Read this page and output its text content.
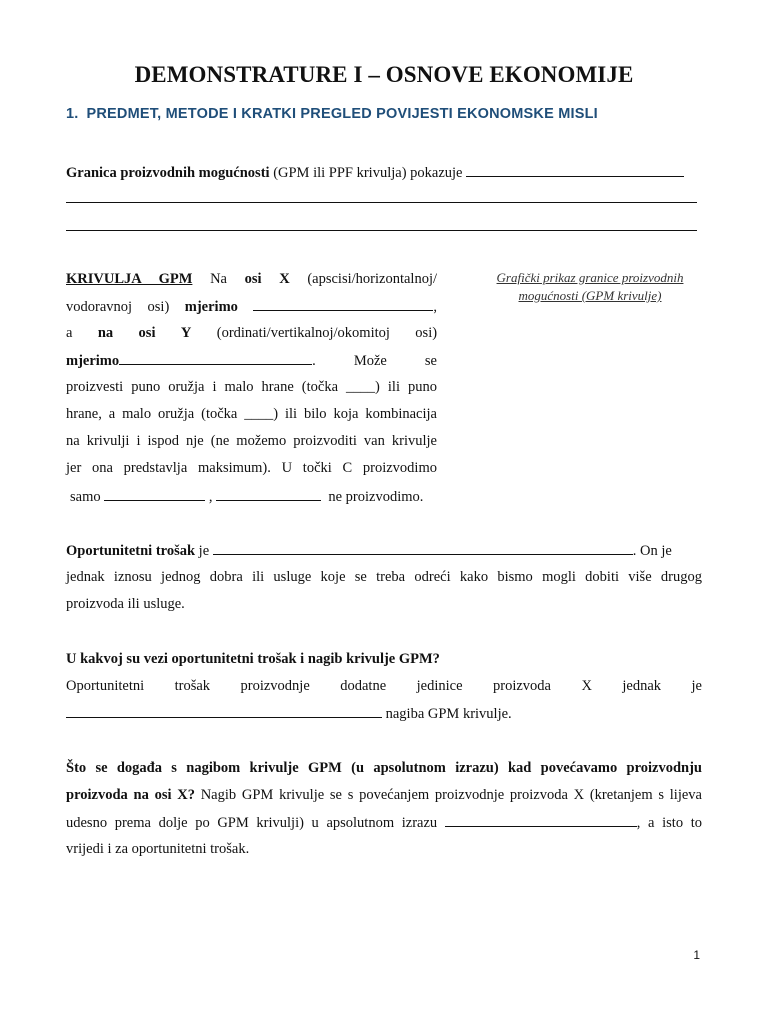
DEMONSTRATURE I – OSNOVE EKONOMIJE
1. PREDMET, METODE I KRATKI PREGLED POVIJESTI EKONOMSKE MISLI
Granica proizvodnih mogućnosti (GPM ili PPF krivulja) pokazuje
KRIVULJA GPM Na osi X (apscisi/horizontalnoj/
vodoravnoj osi) mjerimo	,
a na osi Y (ordinati/vertikalnoj/okomitoj osi)
mjerimo	.	Može	se
proizvesti puno oružja i malo hrane (točka ____) ili puno
hrane, a malo oružja (točka ____) ili bilo koja kombinacija
na krivulji i ispod nje (ne možemo proizvoditi van krivulje
jer ona predstavlja maksimum). U točki C proizvodimo
samo	,	ne proizvodimo.
Grafički prikaz granice proizvodnih mogućnosti (GPM krivulje)
Oportunitetni trošak je	. On je
jednak iznosu jednog dobra ili usluge koje se treba odreći kako bismo mogli dobiti više drugog
proizvoda ili usluge.
U kakvoj su vezi oportunitetni trošak i nagib krivulje GPM?
Oportunitetni trošak proizvodnje dodatne jedinice proizvoda X jednak je
nagiba GPM krivulje.
Što se događa s nagibom krivulje GPM (u apsolutnom izrazu) kad povećavamo proizvodnju
proizvoda na osi X? Nagib GPM krivulje se s povećanjem proizvodnje proizvoda X (kretanjem s lijeva
udesno prema dolje po GPM krivulji) u apsolutnom izrazu	, a isto to
vrijedi i za oportunitetni trošak.
1
